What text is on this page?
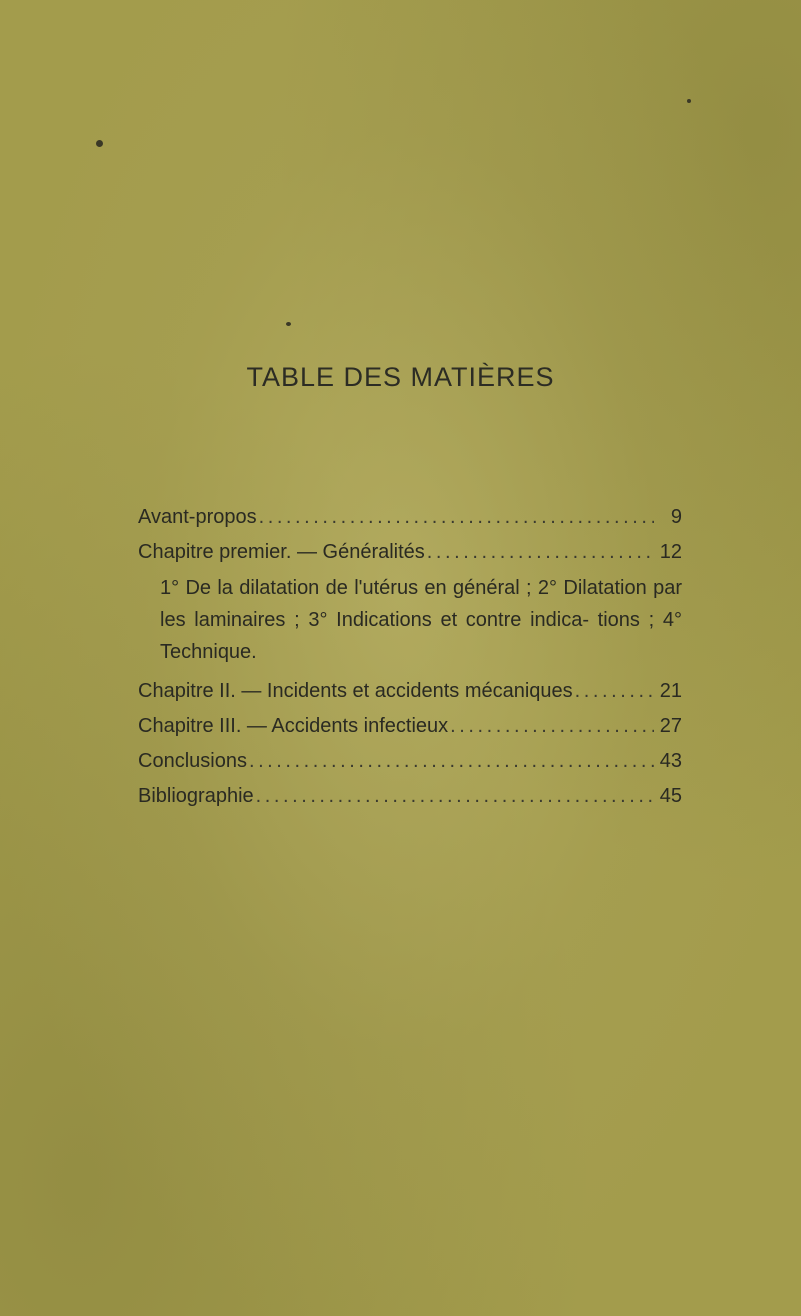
TABLE DES MATIÈRES
Avant-propos . . .	9
Chapitre premier. — Généralités . . .	12
1° De la dilatation de l'utérus en général ; 2° Dilatation par les laminaires ; 3° Indications et contre indica- tions ; 4° Technique.
Chapitre II. — Incidents et accidents mécaniques . . .	21
Chapitre III. — Accidents infectieux . . .	27
Conclusions . . .	43
Bibliographie . . .	45
